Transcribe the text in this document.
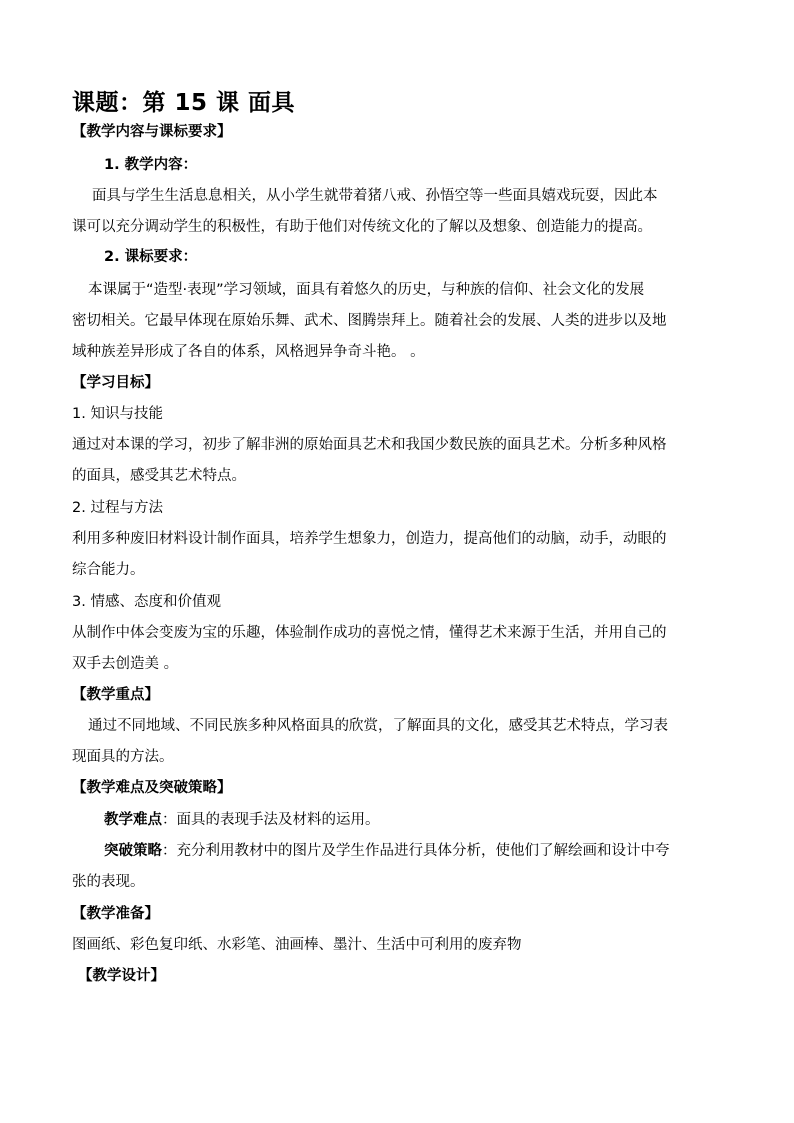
课题：第 15 课 面具
【教学内容与课标要求】
1. 教学内容：
面具与学生生活息息相关，从小学生就带着猪八戒、孙悟空等一些面具嬉戏玩耍，因此本
课可以充分调动学生的积极性，有助于他们对传统文化的了解以及想象、创造能力的提高。
2. 课标要求：
本课属于“造型·表现”学习领域，面具有着悠久的历史，与种族的信仰、社会文化的发展
密切相关。它最早体现在原始乐舞、武术、图腾崇拜上。随着社会的发展、人类的进步以及地
域种族差异形成了各自的体系，风格迥异争奇斗艳。 。
【学习目标】
1. 知识与技能
通过对本课的学习，初步了解非洲的原始面具艺术和我国少数民族的面具艺术。分析多种风格
的面具，感受其艺术特点。
2. 过程与方法
利用多种废旧材料设计制作面具，培养学生想象力，创造力，提高他们的动脑，动手，动眼的
综合能力。
3. 情感、态度和价值观
从制作中体会变废为宝的乐趣，体验制作成功的喜悦之情，懂得艺术来源于生活，并用自己的
双手去创造美 。
【教学重点】
通过不同地域、不同民族多种风格面具的欣赏，了解面具的文化，感受其艺术特点，学习表
现面具的方法。
【教学难点及突破策略】
教学难点：面具的表现手法及材料的运用。
突破策略：充分利用教材中的图片及学生作品进行具体分析，使他们了解绘画和设计中夸
张的表现。
【教学准备】
图画纸、彩色复印纸、水彩笔、油画棒、墨汁、生活中可利用的废弃物
【教学设计】
